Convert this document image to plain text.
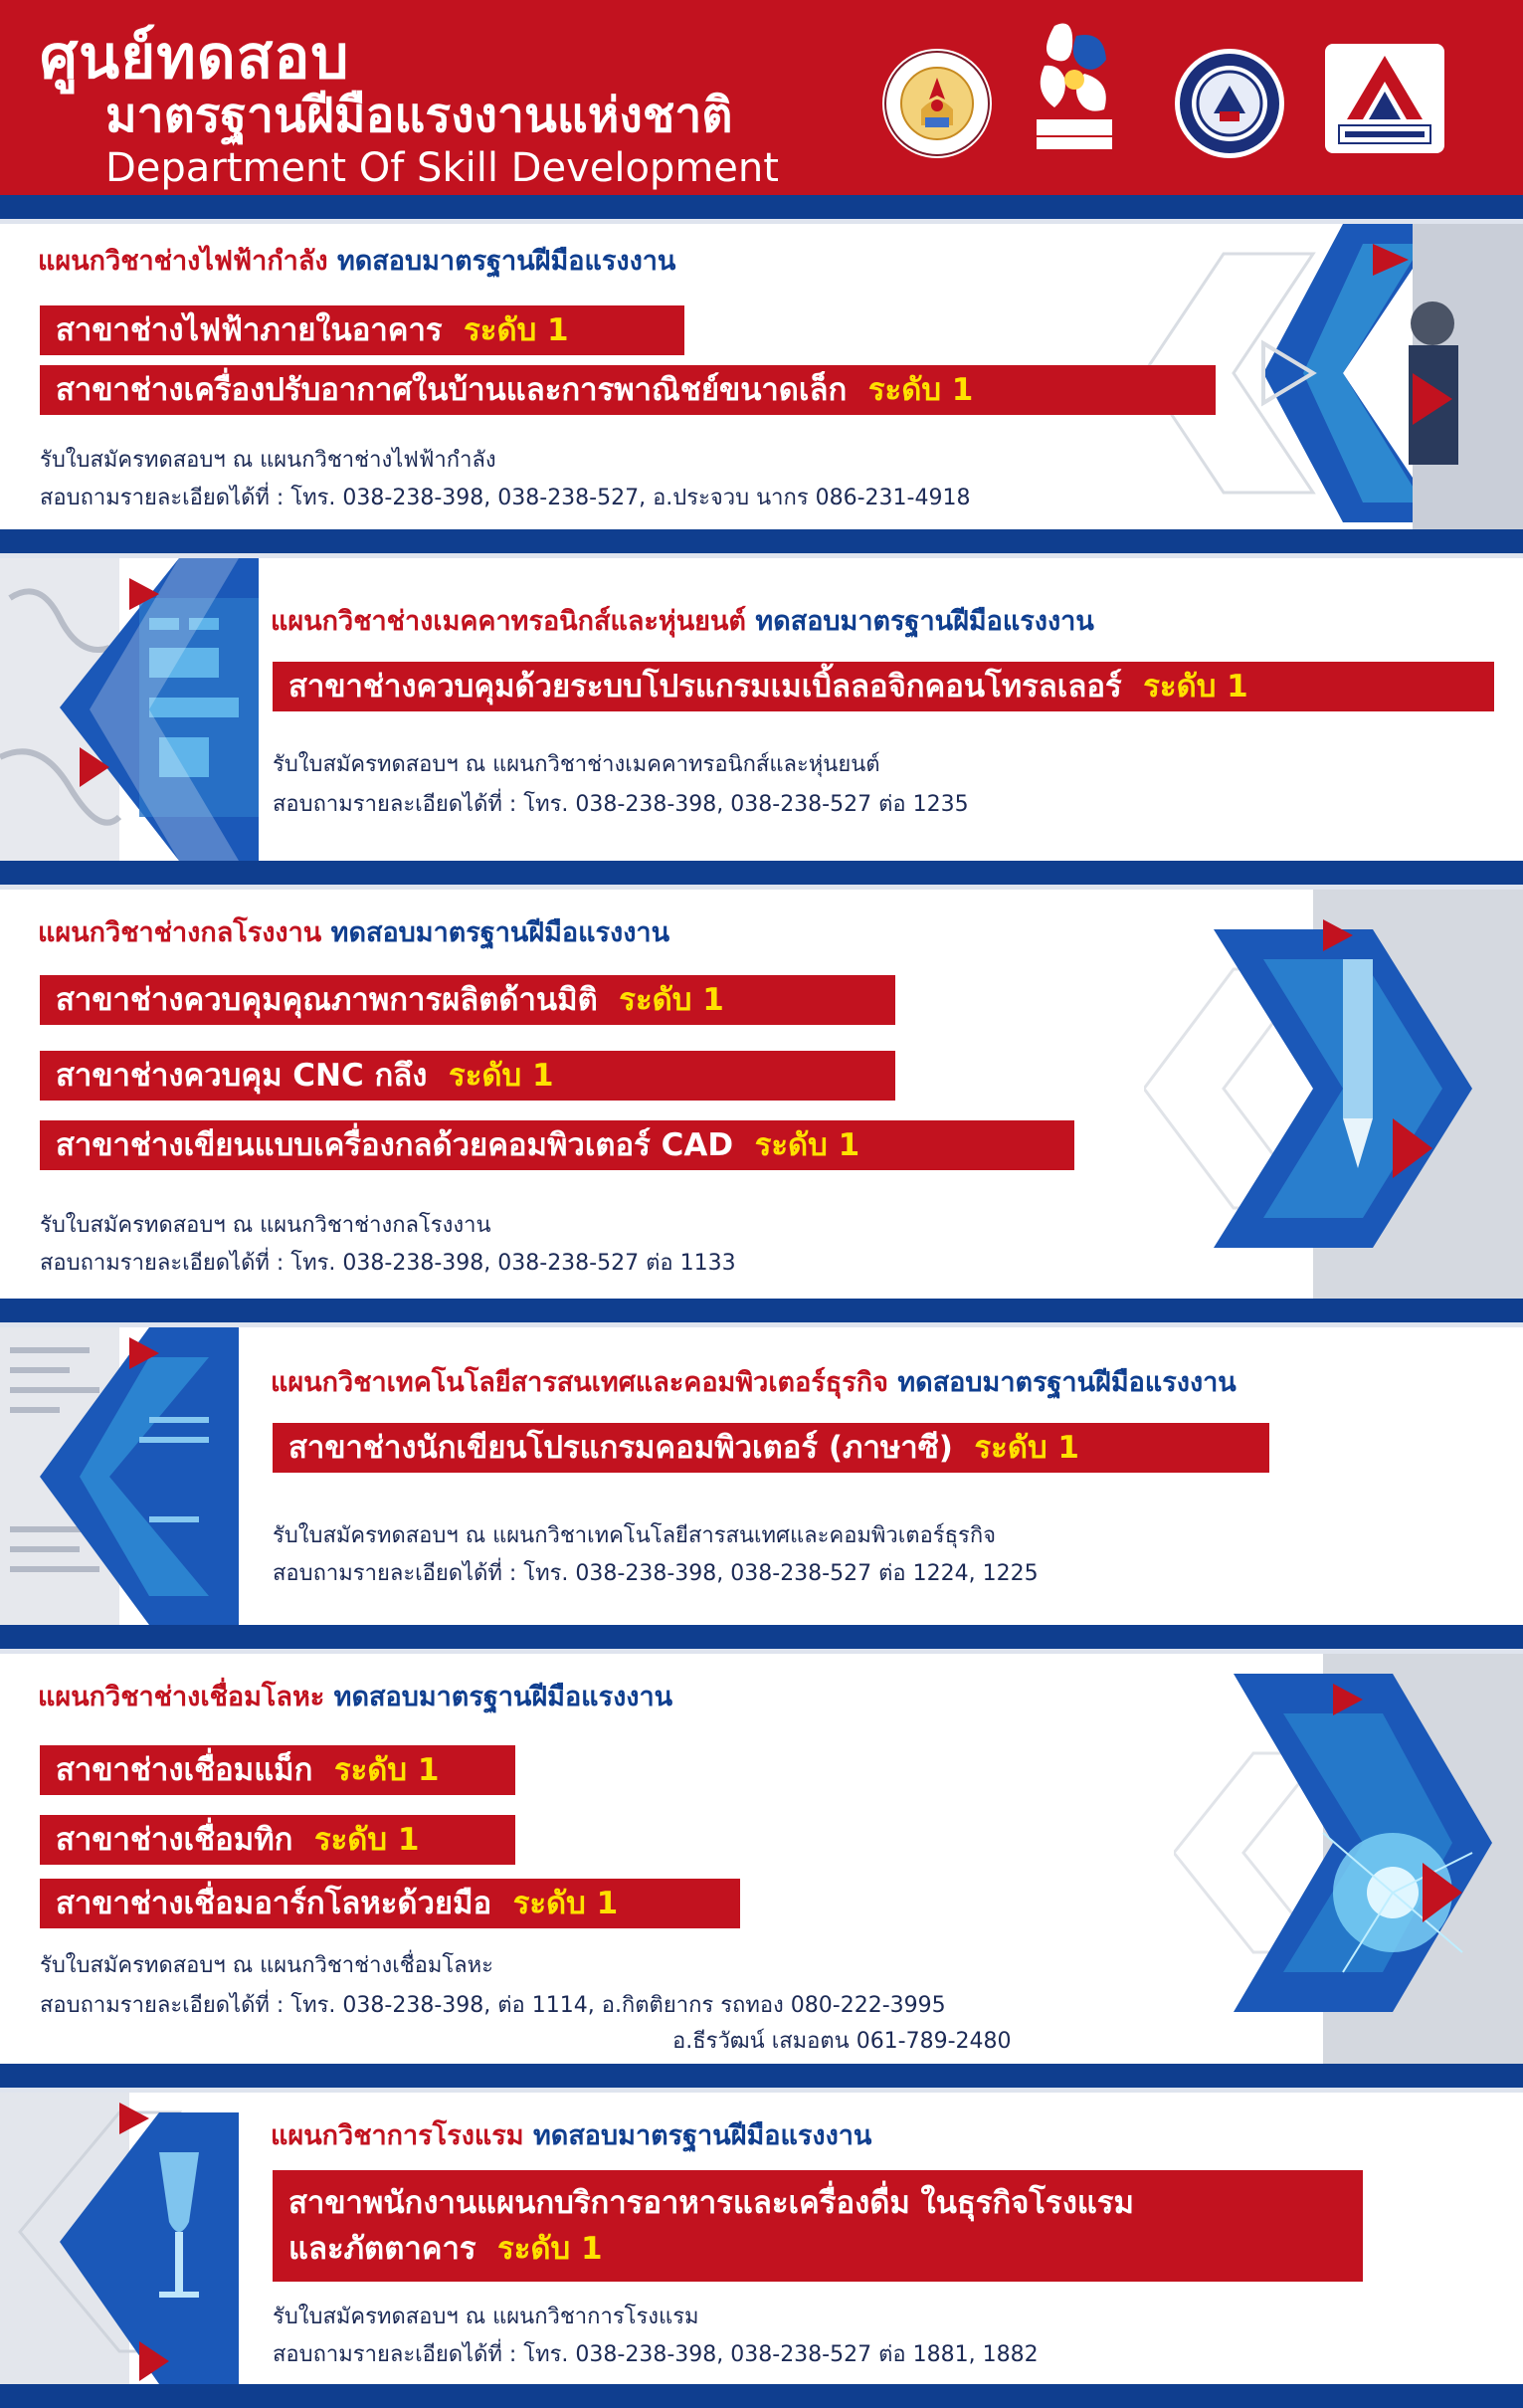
ศูนย์ทดสอบ
มาตรฐานฝีมือแรงงานแห่งชาติ
Department Of Skill Development
แผนกวิชาช่างไฟฟ้ากำลัง ทดสอบมาตรฐานฝีมือแรงงาน
สาขาช่างไฟฟ้าภายในอาคาร ระดับ 1
สาขาช่างเครื่องปรับอากาศในบ้านและการพาณิชย์ขนาดเล็ก ระดับ 1
รับใบสมัครทดสอบฯ ณ แผนกวิชาช่างไฟฟ้ากำลัง
สอบถามรายละเอียดได้ที่ : โทร. 038-238-398, 038-238-527, อ.ประจวบ นากร 086-231-4918
แผนกวิชาช่างเมคคาทรอนิกส์และหุ่นยนต์ ทดสอบมาตรฐานฝีมือแรงงาน
สาขาช่างควบคุมด้วยระบบโปรแกรมเมเบิ้ลลอจิกคอนโทรลเลอร์ ระดับ 1
รับใบสมัครทดสอบฯ ณ แผนกวิชาช่างเมคคาทรอนิกส์และหุ่นยนต์
สอบถามรายละเอียดได้ที่ : โทร. 038-238-398, 038-238-527 ต่อ 1235
แผนกวิชาช่างกลโรงงาน ทดสอบมาตรฐานฝีมือแรงงาน
สาขาช่างควบคุมคุณภาพการผลิตด้านมิติ ระดับ 1
สาขาช่างควบคุม CNC กลึง ระดับ 1
สาขาช่างเขียนแบบเครื่องกลด้วยคอมพิวเตอร์ CAD ระดับ 1
รับใบสมัครทดสอบฯ ณ แผนกวิชาช่างกลโรงงาน
สอบถามรายละเอียดได้ที่ : โทร. 038-238-398, 038-238-527 ต่อ 1133
แผนกวิชาเทคโนโลยีสารสนเทศและคอมพิวเตอร์ธุรกิจ ทดสอบมาตรฐานฝีมือแรงงาน
สาขาช่างนักเขียนโปรแกรมคอมพิวเตอร์ (ภาษาซี) ระดับ 1
รับใบสมัครทดสอบฯ ณ แผนกวิชาเทคโนโลยีสารสนเทศและคอมพิวเตอร์ธุรกิจ
สอบถามรายละเอียดได้ที่ : โทร. 038-238-398, 038-238-527 ต่อ 1224, 1225
แผนกวิชาช่างเชื่อมโลหะ ทดสอบมาตรฐานฝีมือแรงงาน
สาขาช่างเชื่อมแม็ก ระดับ 1
สาขาช่างเชื่อมทิก ระดับ 1
สาขาช่างเชื่อมอาร์กโลหะด้วยมือ ระดับ 1
รับใบสมัครทดสอบฯ ณ แผนกวิชาช่างเชื่อมโลหะ
สอบถามรายละเอียดได้ที่ : โทร. 038-238-398, ต่อ 1114, อ.กิตติยากร รถทอง 080-222-3995
อ.ธีรวัฒน์ เสมอตน 061-789-2480
แผนกวิชาการโรงแรม ทดสอบมาตรฐานฝีมือแรงงาน
สาขาพนักงานแผนกบริการอาหารและเครื่องดื่ม ในธุรกิจโรงแรม
และภัตตาคาร ระดับ 1
รับใบสมัครทดสอบฯ ณ แผนกวิชาการโรงแรม
สอบถามรายละเอียดได้ที่ : โทร. 038-238-398, 038-238-527 ต่อ 1881, 1882
